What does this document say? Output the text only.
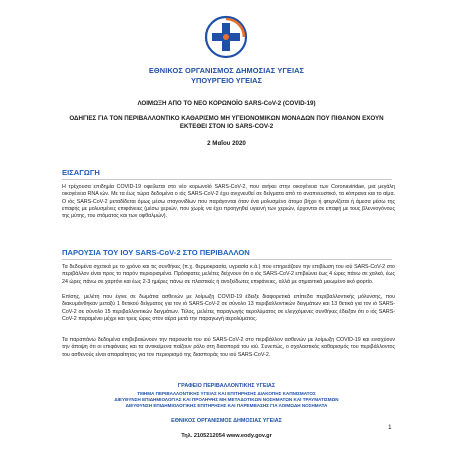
ΕΘΝΙΚΟΣ ΟΡΓΑΝΙΣΜΟΣ ΔΗΜΟΣΙΑΣ ΥΓΕΙΑΣ
ΥΠΟΥΡΓΕΙΟ ΥΓΕΙΑΣ
ΛΟΙΜΩΞΗ ΑΠΟ ΤΟ ΝΕΟ ΚΟΡΩΝΟΪΟ SARS-CoV-2 (COVID-19)
ΟΔΗΓΙΕΣ ΓΙΑ ΤΟΝ ΠΕΡΙΒΑΛΛΟΝΤΙΚΟ ΚΑΘΑΡΙΣΜΟ ΜΗ ΥΓΕΙΟΝΟΜΙΚΩΝ ΜΟΝΑΔΩΝ ΠΟΥ ΠΙΘΑΝΟΝ ΕΧΟΥΝ ΕΚΤΕΘΕΙ ΣΤΟΝ ΙΟ SARS-COV-2
2 Μαΐου 2020
ΕΙΣΑΓΩΓΗ
Η τρέχουσα επιδημία COVID-19 οφείλεται στο νέο κορωνοϊό SARS-CoV-2, που ανήκει στην οικογένεια των Coronaviridae, μια μεγάλη οικογένεια RNA ιών. Με τα έως τώρα δεδομένα ο ιός SARS-CoV-2 έχει ανιχνευθεί σε δείγματα από το αναπνευστικό, τα κόπρανα και το αίμα. Ο ιός SARS-CoV-2 μεταδίδεται όμως μέσω σταγονιδίων που παράγονται όταν ένα μολυσμένο άτομο βήχει ή φτερνίζεται ή άμεσα μέσω της επαφής με μολυσμένες επιφάνειες (μέσω χεριών, που χωρίς να έχει προηγηθεί υγιεινή των χεριών, έρχονται σε επαφή με τους βλεννογόνους της μύτης, του στόματος και των οφθαλμών).
ΠΑΡΟΥΣΙΑ ΤΟΥ ΙΟΥ SARS-CoV-2 ΣΤΟ ΠΕΡΙΒΑΛΛΟΝ
Τα δεδομένα σχετικά με το χρόνο και τις συνθήκες (π.χ. θερμοκρασία, υγρασία κ.ά.) που επηρεάζουν την επιβίωση του ιού SARS-CoV-2 στο περιβάλλον είναι προς το παρόν περιορισμένα. Πρόσφατες μελέτες δείχνουν ότι ο ιός SARS-CoV-2 επιβιώνει έως 4 ώρες πάνω σε χαλκό, έως 24 ώρες πάνω σε χαρτόνι και έως 2-3 ημέρες πάνω σε πλαστικές ή ανοξείδωτες επιφάνειες, αλλά με σημαντικά μειωμένο ιικό φορτίο.
Επίσης, μελέτη που έγινε σε δωμάτια ασθενών με λοίμωξη COVID-19 έδειξε διαφορετικά επίπεδα περιβαλλοντικής μόλυνσης, που διακυμάνθηκαν μεταξύ 1 θετικού δείγματος για τον ιό SARS-CoV-2 σε σύνολο 13 περιβαλλοντικών δειγμάτων και 13 θετικά για τον ιό SARS-CoV-2 σε σύνολο 15 περιβαλλοντικών δειγμάτων. Τέλος, μελέτες παραγωγής αερολύματος σε ελεγχόμενες συνθήκες έδειξαν ότι ο ιός SARS-CoV-2 παραμένει μέχρι και τρεις ώρες στον αέρα μετά την παραγωγή αερολύματος.
Τα παραπάνω δεδομένα επιβεβαιώνουν την παρουσία του ιού SARS-CoV-2 στο περιβάλλον ασθενών με λοίμωξη COVID-19 και ενισχύουν την άποψη ότι οι επιφάνειες και τα αντικείμενα παίζουν ρόλο στη διασπορά του ιού. Συνεπώς, ο σχολαστικός καθαρισμός του περιβάλλοντος του ασθενούς είναι απαραίτητος για τον περιορισμό της διασποράς του ιού SARS-CoV-2.
ΓΡΑΦΕΙΟ ΠΕΡΙΒΑΛΛΟΝΤΙΚΗΣ ΥΓΕΙΑΣ
ΤΜΗΜΑ ΠΕΡΙΒΑΛΛΟΝΤΙΚΗΣ ΥΓΕΙΑΣ ΚΑΙ ΕΠΙΤΗΡΗΣΗΣ ΔΙΑΚΟΠΗΣ ΚΑΠΝΙΣΜΑΤΟΣ
ΔΙΕΥΘΥΝΣΗ ΕΠΙΔΗΜΙΟΛΟΓΙΑΣ ΚΑΙ ΠΡΟΛΗΨΗΣ ΜΗ ΜΕΤΑΔΟΤΙΚΩΝ ΝΟΣΗΜΑΤΩΝ ΚΑΙ ΤΡΑΥΜΑΤΙΣΜΩΝ
ΔΙΕΥΘΥΝΣΗ ΕΠΙΔΗΜΙΟΛΟΓΙΚΗΣ ΕΠΙΤΗΡΗΣΗΣ ΚΑΙ ΠΑΡΕΜΒΑΣΗΣ ΓΙΑ ΛΟΙΜΩΔΗ ΝΟΣΗΜΑΤΑ
ΕΘΝΙΚΟΣ ΟΡΓΑΝΙΣΜΟΣ ΔΗΜΟΣΙΑΣ ΥΓΕΙΑΣ
Τηλ. 2105212054 www.eody.gov.gr
1
